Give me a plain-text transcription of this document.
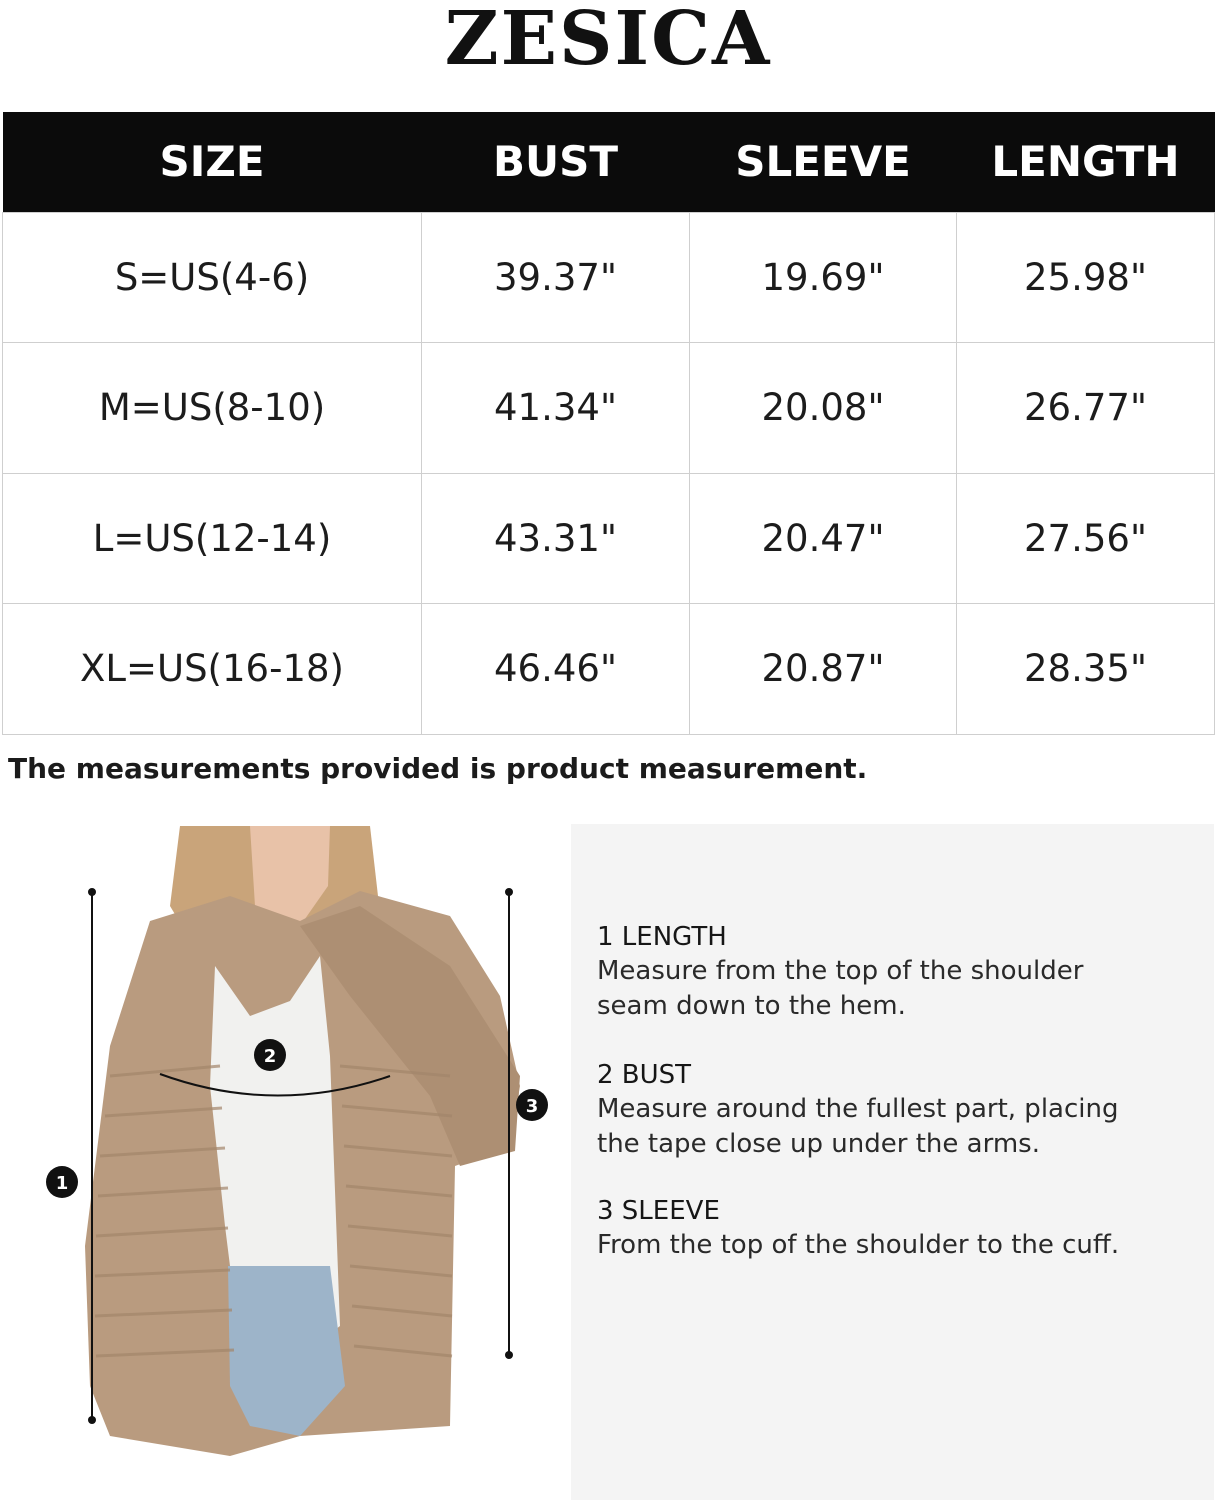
ZESICA
SIZE	BUST	SLEEVE	LENGTH
S=US(4-6)	39.37"	19.69"	25.98"
M=US(8-10)	41.34"	20.08"	26.77"
L=US(12-14)	43.31"	20.47"	27.56"
XL=US(16-18)	46.46"	20.87"	28.35"
The measurements provided is product measurement.
1
2
3
1 LENGTH
Measure from the top of the shoulder
seam down to the hem.
2 BUST
Measure around the fullest part, placing
the tape close up under the arms.
3 SLEEVE
From the top of the shoulder to the cuff.
